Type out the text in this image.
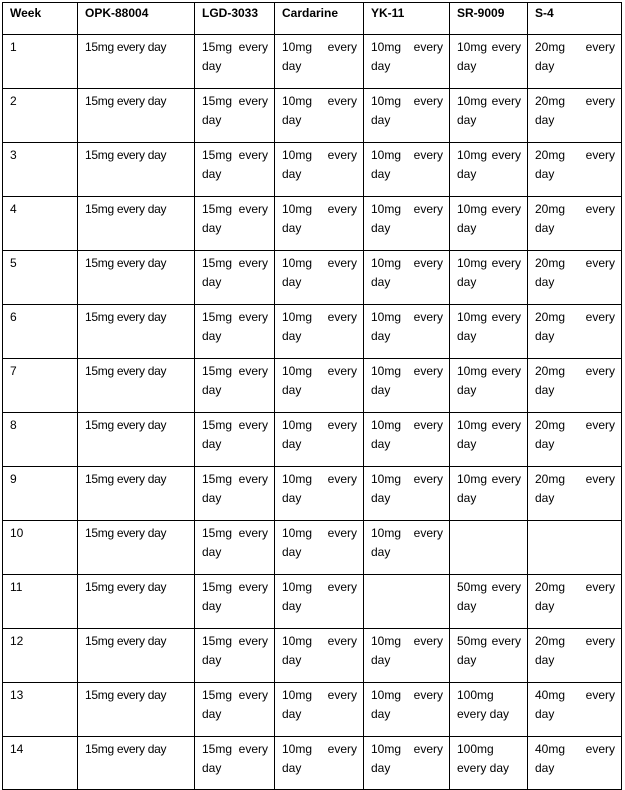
Week	OPK-88004	LGD-3033	Cardarine	YK-11	SR-9009	S-4
1	15mg every day	15mg every day	10mg every day	10mg every day	10mg every day	20mg every day
2	15mg every day	15mg every day	10mg every day	10mg every day	10mg every day	20mg every day
3	15mg every day	15mg every day	10mg every day	10mg every day	10mg every day	20mg every day
4	15mg every day	15mg every day	10mg every day	10mg every day	10mg every day	20mg every day
5	15mg every day	15mg every day	10mg every day	10mg every day	10mg every day	20mg every day
6	15mg every day	15mg every day	10mg every day	10mg every day	10mg every day	20mg every day
7	15mg every day	15mg every day	10mg every day	10mg every day	10mg every day	20mg every day
8	15mg every day	15mg every day	10mg every day	10mg every day	10mg every day	20mg every day
9	15mg every day	15mg every day	10mg every day	10mg every day	10mg every day	20mg every day
10	15mg every day	15mg every day	10mg every day	10mg every day		
11	15mg every day	15mg every day	10mg every day		50mg every day	20mg every day
12	15mg every day	15mg every day	10mg every day	10mg every day	50mg every day	20mg every day
13	15mg every day	15mg every day	10mg every day	10mg every day	100mg every day	40mg every day
14	15mg every day	15mg every day	10mg every day	10mg every day	100mg every day	40mg every day
